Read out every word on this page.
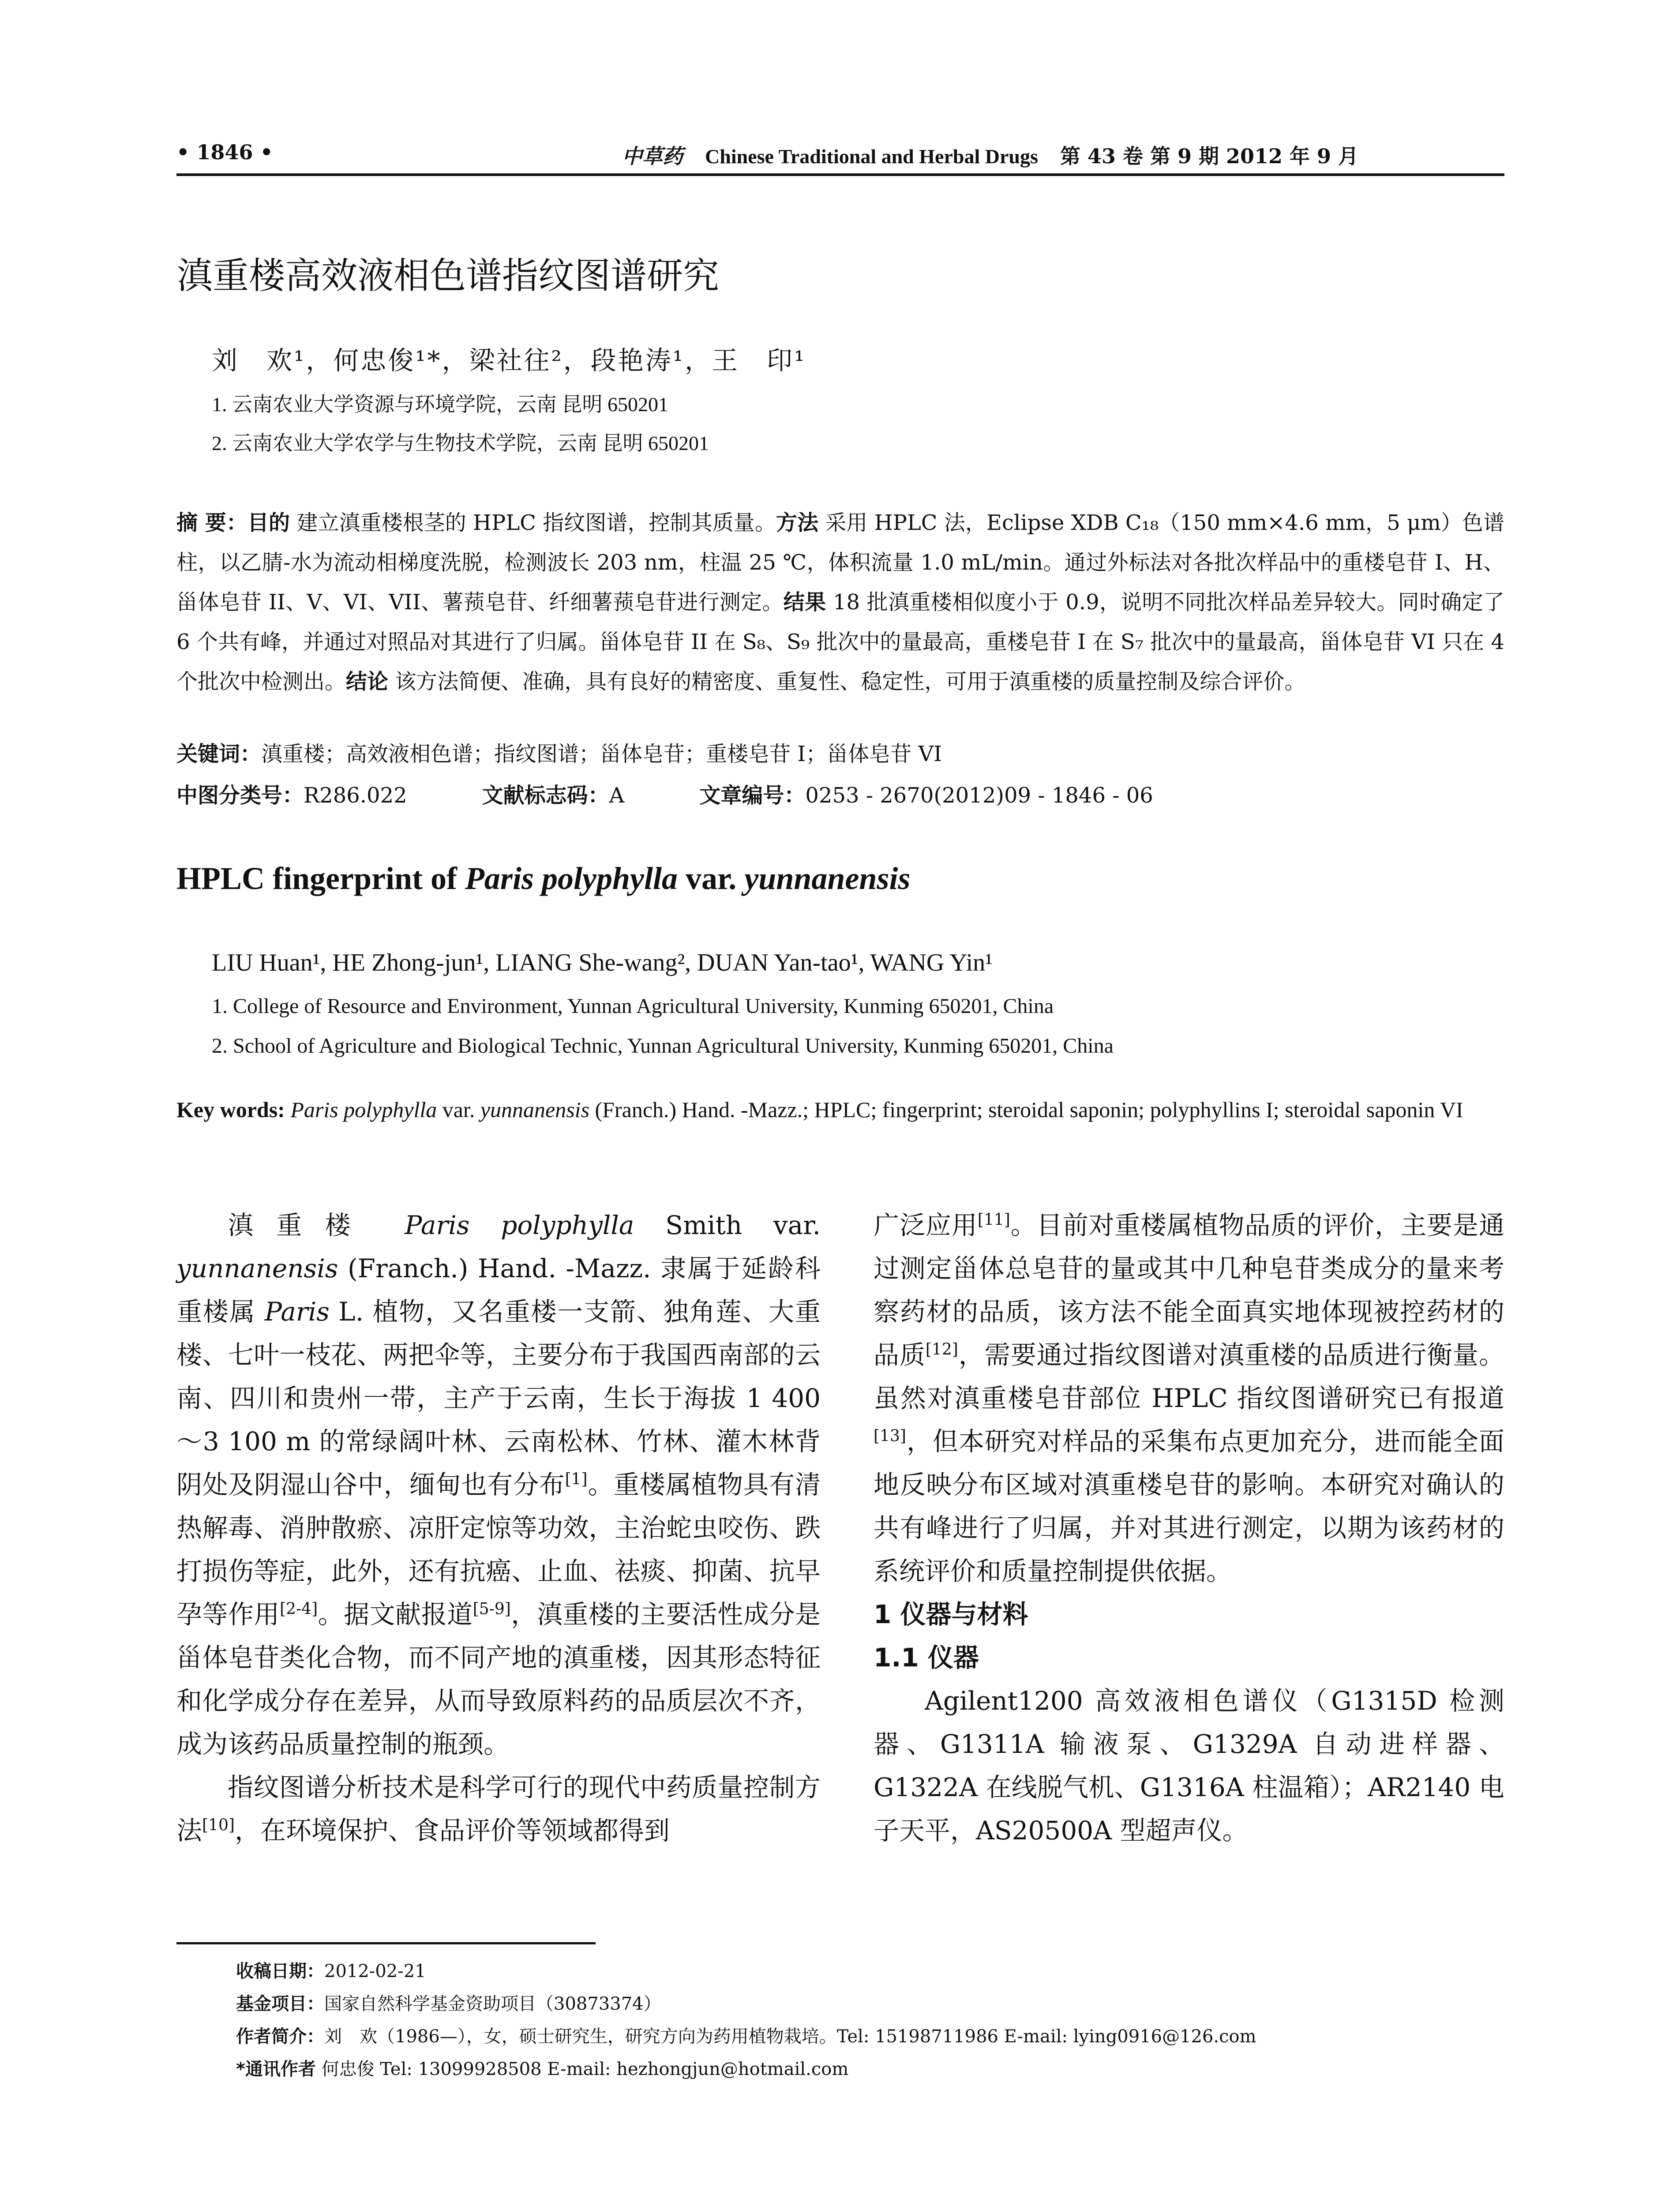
• 1846 •	中草药 Chinese Traditional and Herbal Drugs 第 43 卷 第 9 期 2012 年 9 月
滇重楼高效液相色谱指纹图谱研究
刘　欢¹，何忠俊¹*，梁社往²，段艳涛¹，王　印¹
1. 云南农业大学资源与环境学院，云南 昆明 650201
2. 云南农业大学农学与生物技术学院，云南 昆明 650201
摘 要：目的 建立滇重楼根茎的 HPLC 指纹图谱，控制其质量。方法 采用 HPLC 法，Eclipse XDB C₁₈（150 mm×4.6 mm，5 μm）色谱柱，以乙腈-水为流动相梯度洗脱，检测波长 203 nm，柱温 25 ℃，体积流量 1.0 mL/min。通过外标法对各批次样品中的重楼皂苷 I、H、甾体皂苷 II、V、VI、VII、薯蓣皂苷、纤细薯蓣皂苷进行测定。结果 18 批滇重楼相似度小于 0.9，说明不同批次样品差异较大。同时确定了 6 个共有峰，并通过对照品对其进行了归属。甾体皂苷 II 在 S₈、S₉ 批次中的量最高，重楼皂苷 I 在 S₇ 批次中的量最高，甾体皂苷 VI 只在 4 个批次中检测出。结论 该方法简便、准确，具有良好的精密度、重复性、稳定性，可用于滇重楼的质量控制及综合评价。
关键词：滇重楼；高效液相色谱；指纹图谱；甾体皂苷；重楼皂苷 I；甾体皂苷 VI
中图分类号：R286.022	文献标志码：A	文章编号：0253 - 2670(2012)09 - 1846 - 06
HPLC fingerprint of Paris polyphylla var. yunnanensis
LIU Huan¹, HE Zhong-jun¹, LIANG She-wang², DUAN Yan-tao¹, WANG Yin¹
1. College of Resource and Environment, Yunnan Agricultural University, Kunming 650201, China
2. School of Agriculture and Biological Technic, Yunnan Agricultural University, Kunming 650201, China
Key words: Paris polyphylla var. yunnanensis (Franch.) Hand. -Mazz.; HPLC; fingerprint; steroidal saponin; polyphyllins I; steroidal saponin VI

滇重楼 Paris polyphylla Smith var. yunnanensis (Franch.) Hand. -Mazz. 隶属于延龄科重楼属 Paris L. 植物，又名重楼一支箭、独角莲、大重楼、七叶一枝花、两把伞等，主要分布于我国西南部的云南、四川和贵州一带，主产于云南，生长于海拔 1 400～3 100 m 的常绿阔叶林、云南松林、竹林、灌木林背阴处及阴湿山谷中，缅甸也有分布[1]。重楼属植物具有清热解毒、消肿散瘀、凉肝定惊等功效，主治蛇虫咬伤、跌打损伤等症，此外，还有抗癌、止血、祛痰、抑菌、抗早孕等作用[2-4]。据文献报道[5-9]，滇重楼的主要活性成分是甾体皂苷类化合物，而不同产地的滇重楼，因其形态特征和化学成分存在差异，从而导致原料药的品质层次不齐，成为该药品质量控制的瓶颈。

指纹图谱分析技术是科学可行的现代中药质量控制方法[10]，在环境保护、食品评价等领域都得到

广泛应用[11]。目前对重楼属植物品质的评价，主要是通过测定甾体总皂苷的量或其中几种皂苷类成分的量来考察药材的品质，该方法不能全面真实地体现被控药材的品质[12]，需要通过指纹图谱对滇重楼的品质进行衡量。虽然对滇重楼皂苷部位 HPLC 指纹图谱研究已有报道[13]，但本研究对样品的采集布点更加充分，进而能全面地反映分布区域对滇重楼皂苷的影响。本研究对确认的共有峰进行了归属，并对其进行测定，以期为该药材的系统评价和质量控制提供依据。

1 仪器与材料

1.1 仪器

Agilent1200 高效液相色谱仪（G1315D 检测器、G1311A 输液泵、G1329A 自动进样器、G1322A 在线脱气机、G1316A 柱温箱）；AR2140 电子天平，AS20500A 型超声仪。

收稿日期：2012-02-21
基金项目：国家自然科学基金资助项目（30873374）
作者简介：刘　欢（1986—），女，硕士研究生，研究方向为药用植物栽培。Tel: 15198711986 E-mail: lying0916@126.com
*通讯作者 何忠俊 Tel: 13099928508 E-mail: hezhongjun@hotmail.com
